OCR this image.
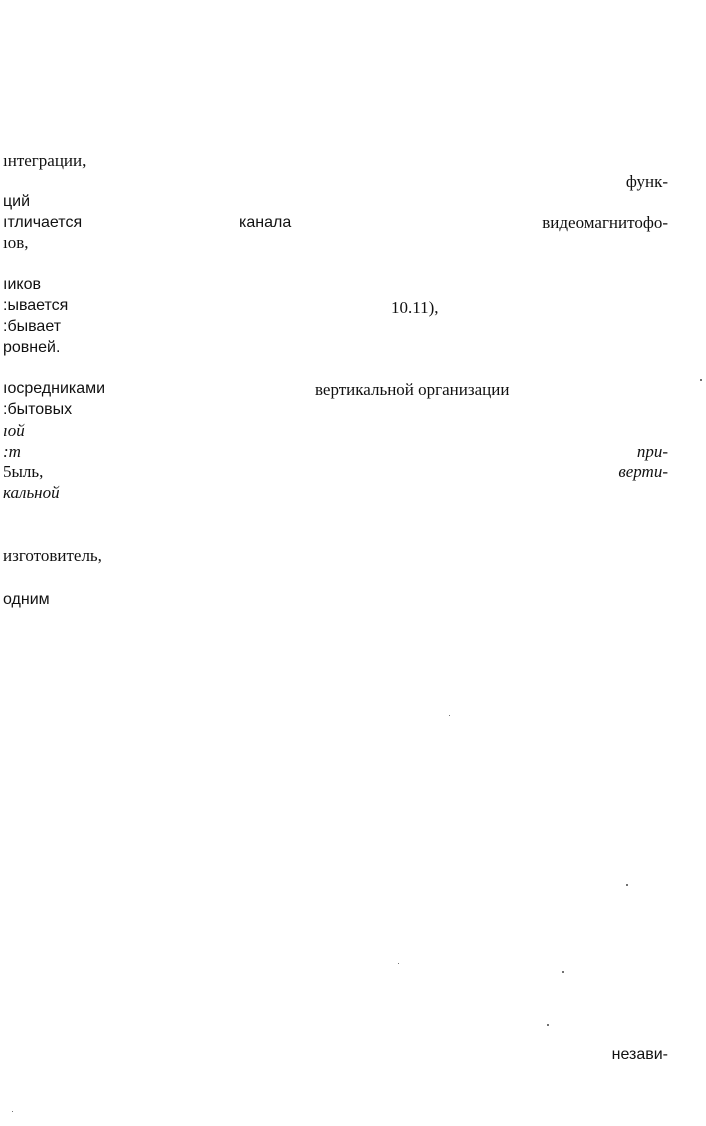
ıнтеграции,
ций
ıтличается
ıов,
ıиков
:ывается
:бывает
ровней.
ıосредниками
:бытовых
ıой
:т
5ыль,
кальной
изготовитель,
одним
канала
10.11),
вертикальной организации
функ-
видеомагнитофо-
при-
верти-
незави-
